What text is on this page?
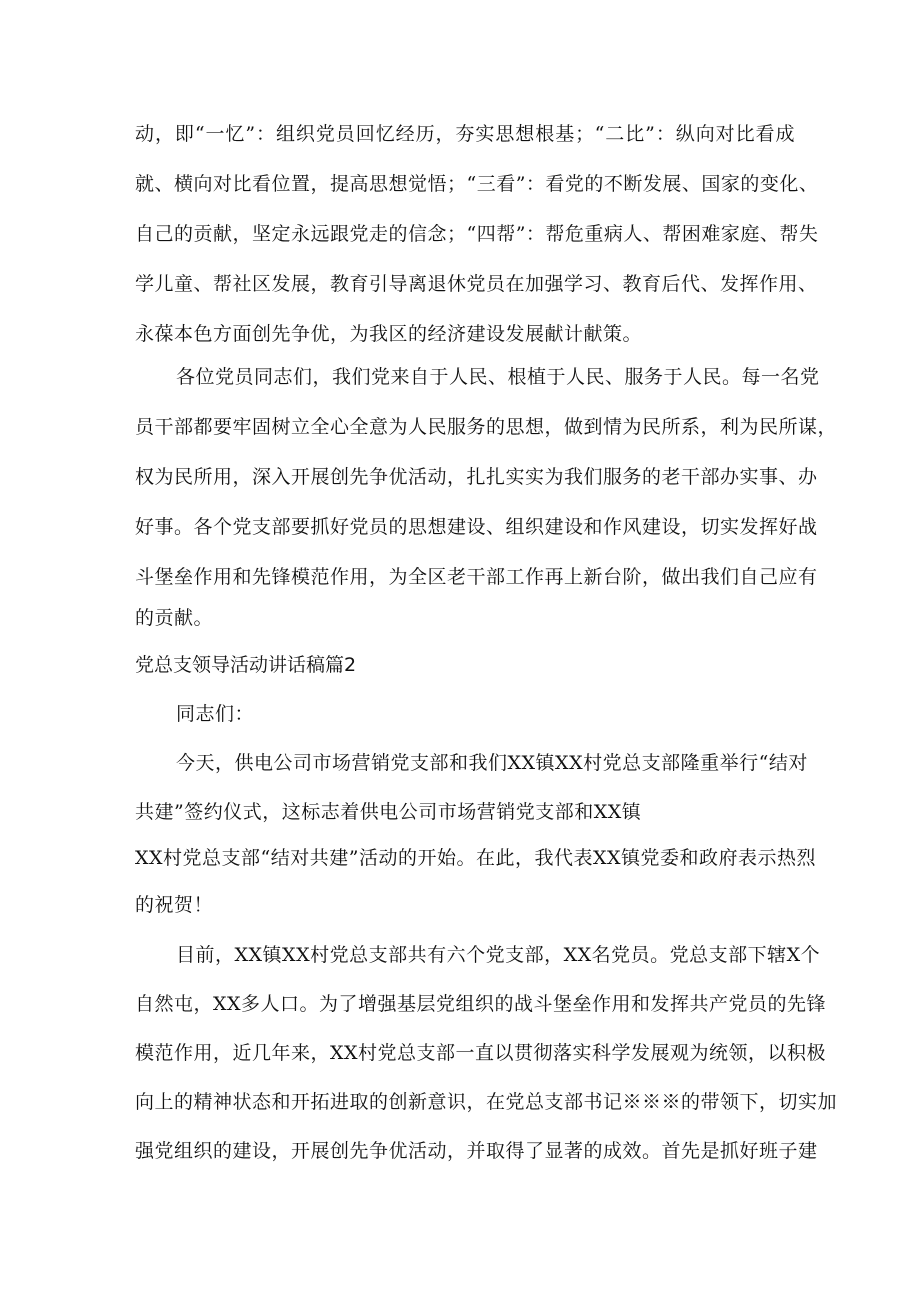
动，即“一忆”：组织党员回忆经历，夯实思想根基；“二比”：纵向对比看成
就、横向对比看位置，提高思想觉悟；“三看”：看党的不断发展、国家的变化、
自己的贡献，坚定永远跟党走的信念；“四帮”：帮危重病人、帮困难家庭、帮失
学儿童、帮社区发展，教育引导离退休党员在加强学习、教育后代、发挥作用、
永葆本色方面创先争优，为我区的经济建设发展献计献策。
各位党员同志们，我们党来自于人民、根植于人民、服务于人民。每一名党
员干部都要牢固树立全心全意为人民服务的思想，做到情为民所系，利为民所谋，
权为民所用，深入开展创先争优活动，扎扎实实为我们服务的老干部办实事、办
好事。各个党支部要抓好党员的思想建设、组织建设和作风建设，切实发挥好战
斗堡垒作用和先锋模范作用，为全区老干部工作再上新台阶，做出我们自己应有
的贡献。
党总支领导活动讲话稿篇2
同志们：
今天，供电公司市场营销党支部和我们XX镇XX村党总支部隆重举行“结对
共建”签约仪式，这标志着供电公司市场营销党支部和XX镇
XX村党总支部“结对共建”活动的开始。在此，我代表XX镇党委和政府表示热烈
的祝贺！
目前，XX镇XX村党总支部共有六个党支部，XX名党员。党总支部下辖X个
自然屯，XX多人口。为了增强基层党组织的战斗堡垒作用和发挥共产党员的先锋
模范作用，近几年来，XX村党总支部一直以贯彻落实科学发展观为统领，以积极
向上的精神状态和开拓进取的创新意识，在党总支部书记※※※的带领下，切实加
强党组织的建设，开展创先争优活动，并取得了显著的成效。首先是抓好班子建
